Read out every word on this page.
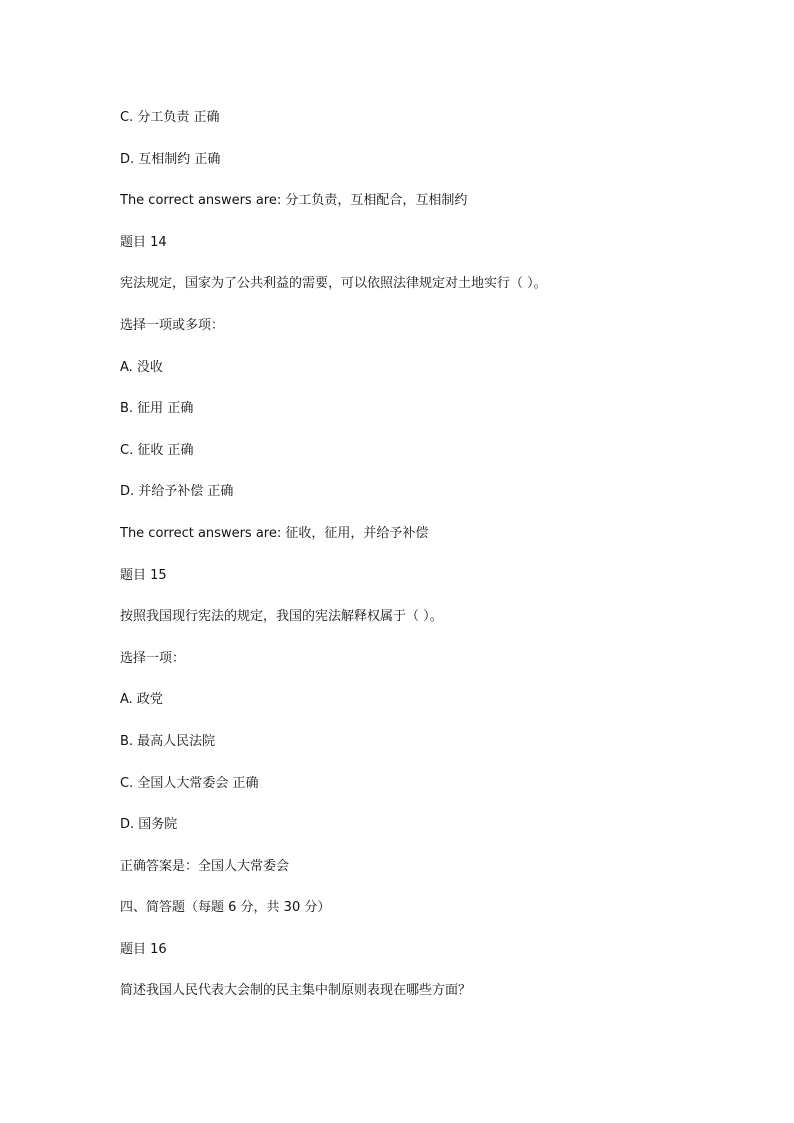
C. 分工负责 正确
D. 互相制约 正确
The correct answers are: 分工负责，互相配合，互相制约
题目 14
宪法规定，国家为了公共利益的需要，可以依照法律规定对土地实行（ ）。
选择一项或多项：
A. 没收
B. 征用 正确
C. 征收 正确
D. 并给予补偿 正确
The correct answers are: 征收，征用，并给予补偿
题目 15
按照我国现行宪法的规定，我国的宪法解释权属于（ ）。
选择一项：
A. 政党
B. 最高人民法院
C. 全国人大常委会 正确
D. 国务院
正确答案是：全国人大常委会
四、简答题（每题 6 分，共 30 分）
题目 16
简述我国人民代表大会制的民主集中制原则表现在哪些方面？
